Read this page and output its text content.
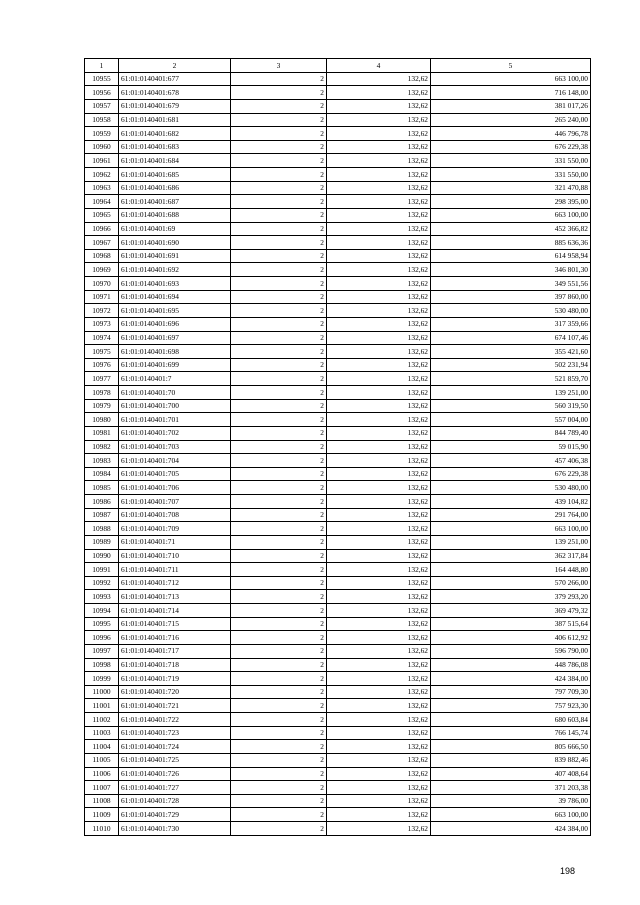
1	2	3	4	5
10955	61:01:0140401:677	2	132,62	663 100,00
10956	61:01:0140401:678	2	132,62	716 148,00
10957	61:01:0140401:679	2	132,62	381 017,26
10958	61:01:0140401:681	2	132,62	265 240,00
10959	61:01:0140401:682	2	132,62	446 796,78
10960	61:01:0140401:683	2	132,62	676 229,38
10961	61:01:0140401:684	2	132,62	331 550,00
10962	61:01:0140401:685	2	132,62	331 550,00
10963	61:01:0140401:686	2	132,62	321 470,88
10964	61:01:0140401:687	2	132,62	298 395,00
10965	61:01:0140401:688	2	132,62	663 100,00
10966	61:01:0140401:69	2	132,62	452 366,82
10967	61:01:0140401:690	2	132,62	885 636,36
10968	61:01:0140401:691	2	132,62	614 958,94
10969	61:01:0140401:692	2	132,62	346 801,30
10970	61:01:0140401:693	2	132,62	349 551,56
10971	61:01:0140401:694	2	132,62	397 860,00
10972	61:01:0140401:695	2	132,62	530 480,00
10973	61:01:0140401:696	2	132,62	317 359,66
10974	61:01:0140401:697	2	132,62	674 107,46
10975	61:01:0140401:698	2	132,62	355 421,60
10976	61:01:0140401:699	2	132,62	502 231,94
10977	61:01:0140401:7	2	132,62	521 859,70
10978	61:01:0140401:70	2	132,62	139 251,00
10979	61:01:0140401:700	2	132,62	560 319,50
10980	61:01:0140401:701	2	132,62	557 004,00
10981	61:01:0140401:702	2	132,62	844 789,40
10982	61:01:0140401:703	2	132,62	59 015,90
10983	61:01:0140401:704	2	132,62	457 406,38
10984	61:01:0140401:705	2	132,62	676 229,38
10985	61:01:0140401:706	2	132,62	530 480,00
10986	61:01:0140401:707	2	132,62	439 104,82
10987	61:01:0140401:708	2	132,62	291 764,00
10988	61:01:0140401:709	2	132,62	663 100,00
10989	61:01:0140401:71	2	132,62	139 251,00
10990	61:01:0140401:710	2	132,62	362 317,84
10991	61:01:0140401:711	2	132,62	164 448,80
10992	61:01:0140401:712	2	132,62	570 266,00
10993	61:01:0140401:713	2	132,62	379 293,20
10994	61:01:0140401:714	2	132,62	369 479,32
10995	61:01:0140401:715	2	132,62	387 515,64
10996	61:01:0140401:716	2	132,62	406 612,92
10997	61:01:0140401:717	2	132,62	596 790,00
10998	61:01:0140401:718	2	132,62	448 786,08
10999	61:01:0140401:719	2	132,62	424 384,00
11000	61:01:0140401:720	2	132,62	797 709,30
11001	61:01:0140401:721	2	132,62	757 923,30
11002	61:01:0140401:722	2	132,62	680 603,84
11003	61:01:0140401:723	2	132,62	766 145,74
11004	61:01:0140401:724	2	132,62	805 666,50
11005	61:01:0140401:725	2	132,62	839 882,46
11006	61:01:0140401:726	2	132,62	407 408,64
11007	61:01:0140401:727	2	132,62	371 203,38
11008	61:01:0140401:728	2	132,62	39 786,00
11009	61:01:0140401:729	2	132,62	663 100,00
11010	61:01:0140401:730	2	132,62	424 384,00
198
